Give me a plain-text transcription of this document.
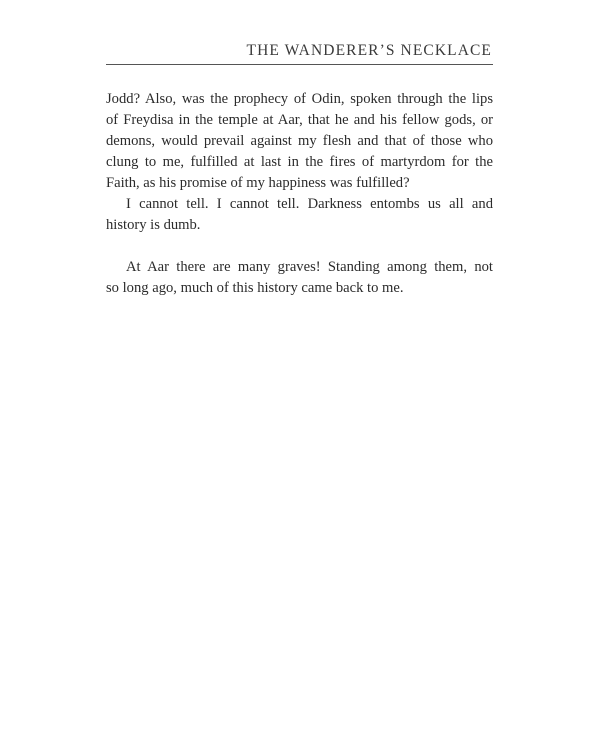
THE WANDERER’S NECKLACE
Jodd? Also, was the prophecy of Odin, spoken through the lips
of Freydisa in the temple at Aar, that he and his fellow gods, or
demons, would prevail against my flesh and that of those who
clung to me, fulfilled at last in the fires of martyrdom for the
Faith, as his promise of my happiness was fulfilled?
I cannot tell. I cannot tell. Darkness entombs us all and
history is dumb.
At Aar there are many graves! Standing among them, not
so long ago, much of this history came back to me.
